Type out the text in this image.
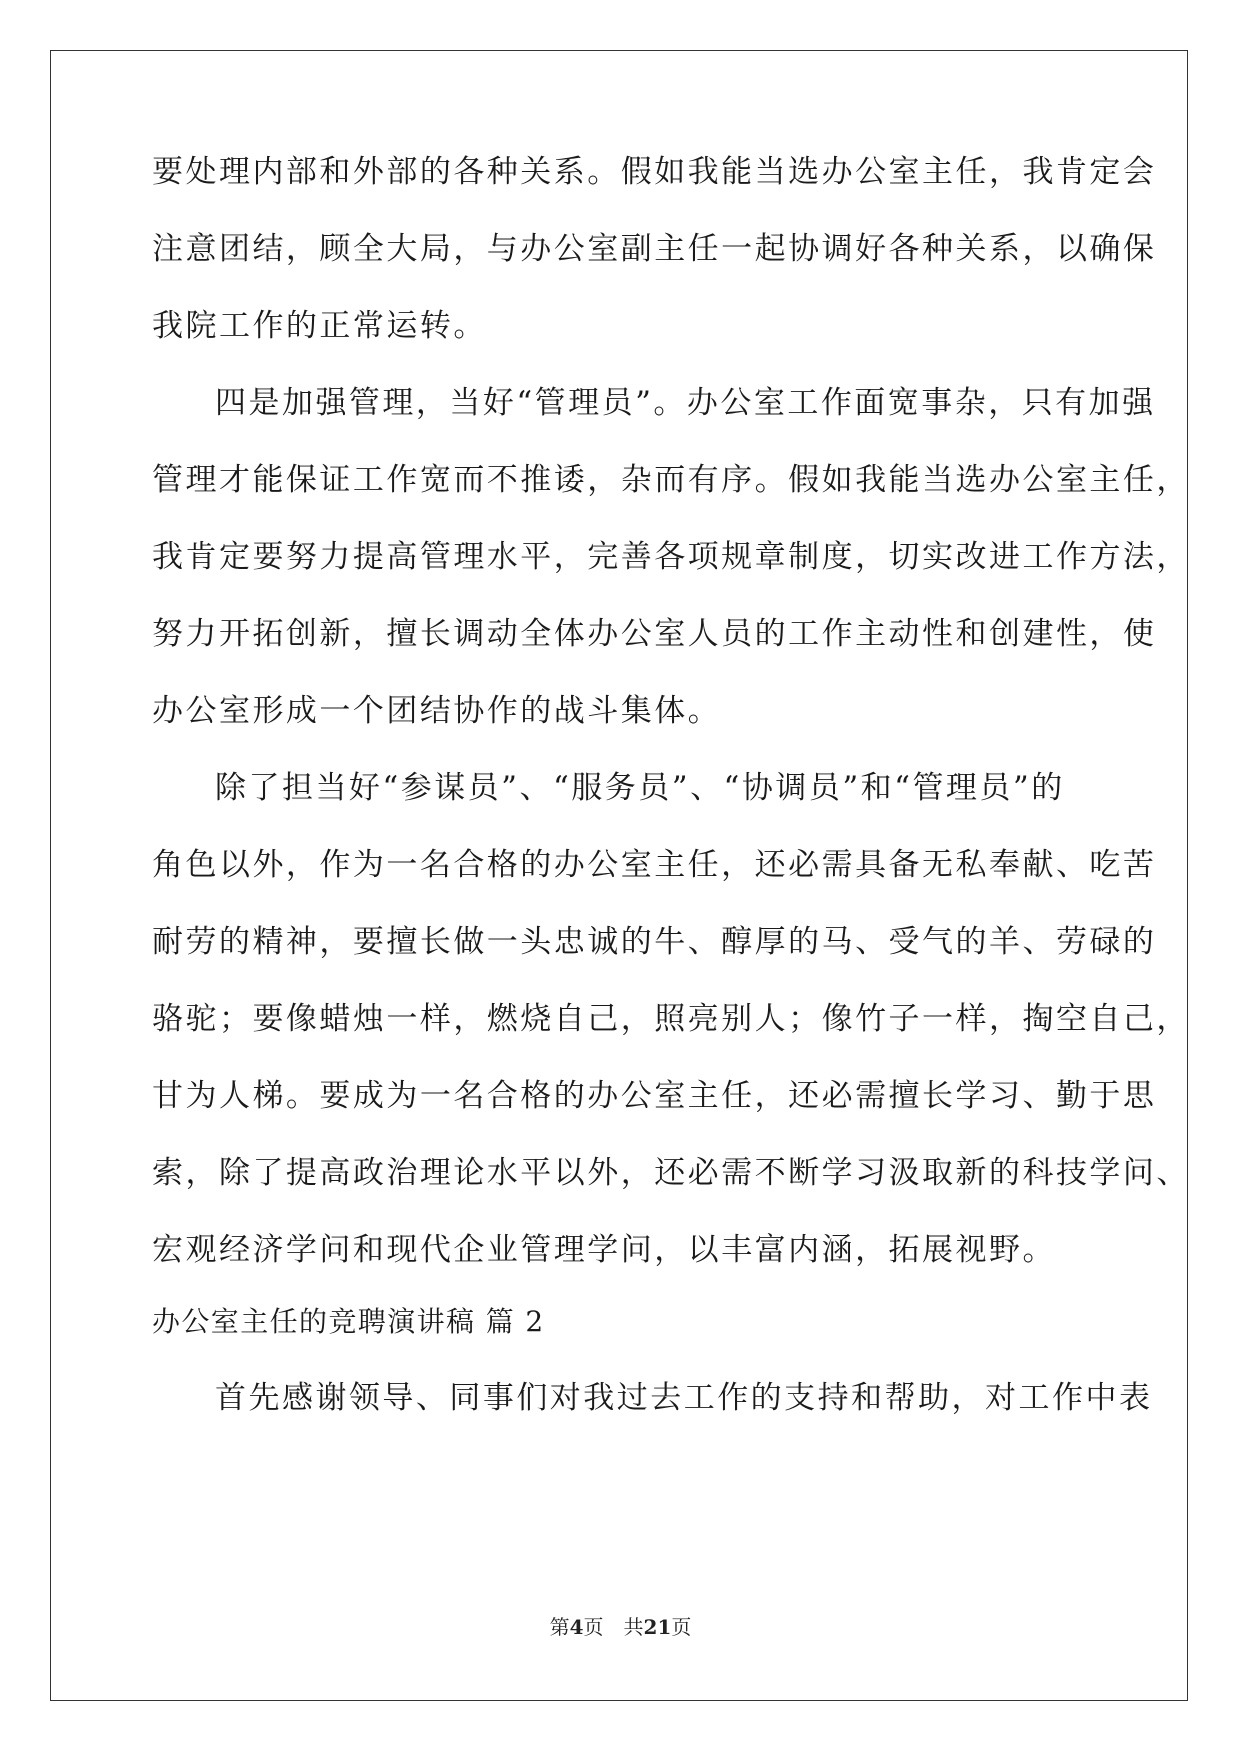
要处理内部和外部的各种关系。假如我能当选办公室主任，我肯定会
注意团结，顾全大局，与办公室副主任一起协调好各种关系，以确保
我院工作的正常运转。
四是加强管理，当好“管理员”。办公室工作面宽事杂，只有加强
管理才能保证工作宽而不推诿，杂而有序。假如我能当选办公室主任，
我肯定要努力提高管理水平，完善各项规章制度，切实改进工作方法，
努力开拓创新，擅长调动全体办公室人员的工作主动性和创建性，使
办公室形成一个团结协作的战斗集体。
除了担当好“参谋员”、“服务员”、“协调员”和“管理员”的
角色以外，作为一名合格的办公室主任，还必需具备无私奉献、吃苦
耐劳的精神，要擅长做一头忠诚的牛、醇厚的马、受气的羊、劳碌的
骆驼；要像蜡烛一样，燃烧自己，照亮别人；像竹子一样，掏空自己，
甘为人梯。要成为一名合格的办公室主任，还必需擅长学习、勤于思
索，除了提高政治理论水平以外，还必需不断学习汲取新的科技学问、
宏观经济学问和现代企业管理学问，以丰富内涵，拓展视野。
办公室主任的竞聘演讲稿 篇 2
首先感谢领导、同事们对我过去工作的支持和帮助，对工作中表
第4页 共21页
